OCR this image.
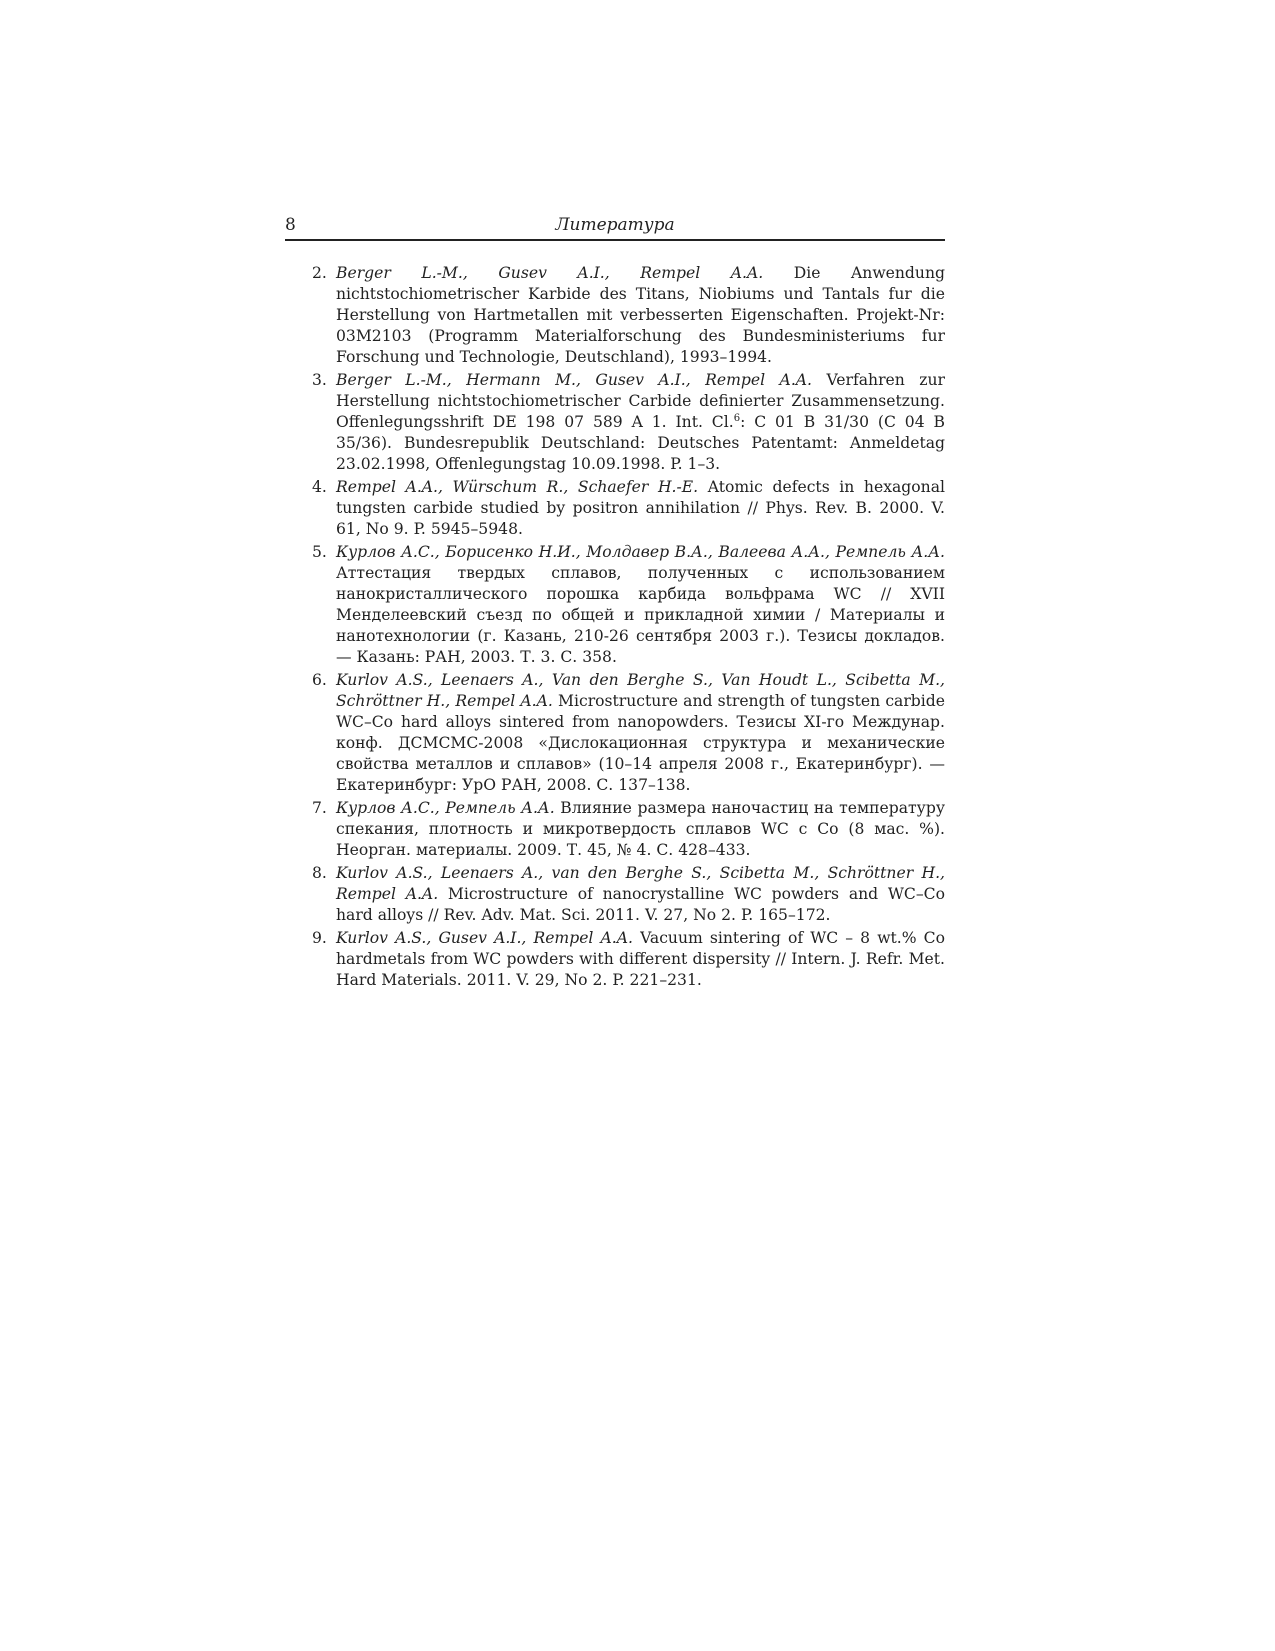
8	Литература
2. Berger L.-M., Gusev A.I., Rempel A.A. Die Anwendung nichtstochiometrischer Karbide des Titans, Niobiums und Tantals fur die Herstellung von Hartmetallen mit verbesserten Eigenschaften. Projekt-Nr: 03M2103 (Programm Materialforschung des Bundesministeriums fur Forschung und Technologie, Deutschland), 1993–1994.
3. Berger L.-M., Hermann M., Gusev A.I., Rempel A.A. Verfahren zur Herstellung nichtstochiometrischer Carbide definierter Zusammensetzung. Offenlegungsshrift DE 198 07 589 A 1. Int. Cl.$^6$: C 01 B 31/30 (C 04 B 35/36). Bundesrepublik Deutschland: Deutsches Patentamt: Anmeldetag 23.02.1998, Offenlegungstag 10.09.1998. P. 1–3.
4. Rempel A.A., Würschum R., Schaefer H.-E. Atomic defects in hexagonal tungsten carbide studied by positron annihilation // Phys. Rev. B. 2000. V. 61, No 9. P. 5945–5948.
5. Курлов А.С., Борисенко Н.И., Молдавер В.А., Валеева А.А., Ремпель А.А. Аттестация твердых сплавов, полученных с использованием нанокристаллического порошка карбида вольфрама WC // XVII Менделеевский съезд по общей и прикладной химии / Материалы и нанотехнологии (г. Казань, 210-26 сентября 2003 г.). Тезисы докладов. — Казань: РАН, 2003. Т. 3. С. 358.
6. Kurlov A.S., Leenaers A., Van den Berghe S., Van Houdt L., Scibetta M., Schröttner H., Rempel A.A. Microstructure and strength of tungsten carbide WC–Co hard alloys sintered from nanopowders. Тезисы XI-го Междунар. конф. ДСМСМС-2008 «Дислокационная структура и механические свойства металлов и сплавов» (10–14 апреля 2008 г., Екатеринбург). — Екатеринбург: УрО РАН, 2008. С. 137–138.
7. Курлов А.С., Ремпель А.А. Влияние размера наночастиц на температуру спекания, плотность и микротвердость сплавов WC с Co (8 мас. %). Неорган. материалы. 2009. Т. 45, № 4. С. 428–433.
8. Kurlov A.S., Leenaers A., van den Berghe S., Scibetta M., Schröttner H., Rempel A.A. Microstructure of nanocrystalline WC powders and WC–Co hard alloys // Rev. Adv. Mat. Sci. 2011. V. 27, No 2. P. 165–172.
9. Kurlov A.S., Gusev A.I., Rempel A.A. Vacuum sintering of WC – 8 wt.% Co hardmetals from WC powders with different dispersity // Intern. J. Refr. Met. Hard Materials. 2011. V. 29, No 2. P. 221–231.
